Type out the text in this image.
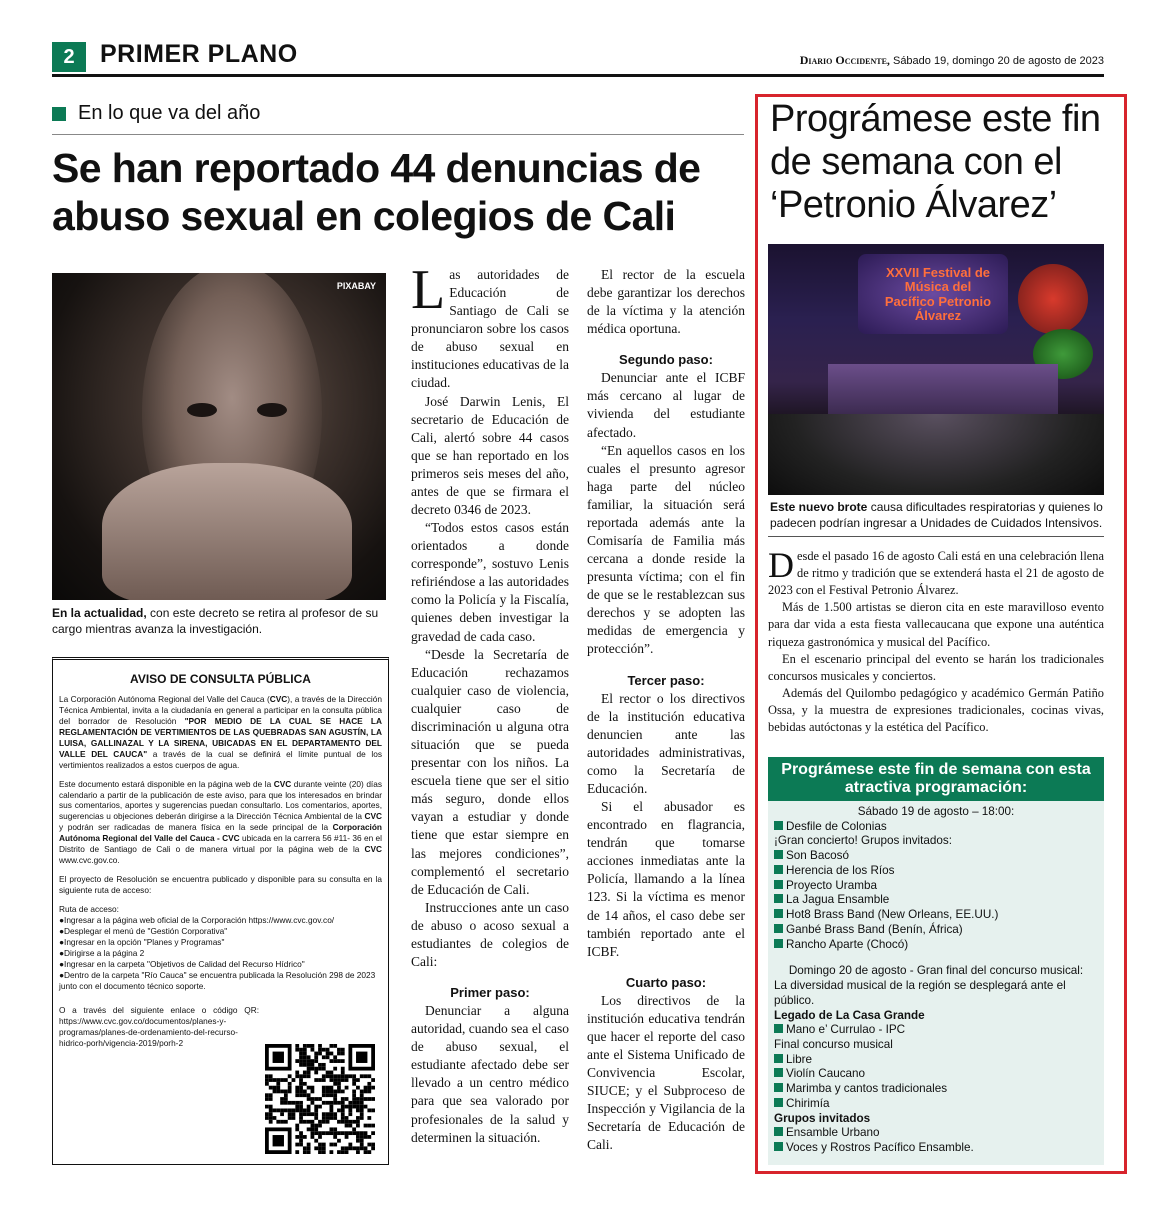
2	PRIMER PLANO	Diario Occidente, Sábado 19, domingo 20 de agosto de 2023
En lo que va del año
Se han reportado 44 denuncias de abuso sexual en colegios de Cali
PIXABAY
En la actualidad, con este decreto se retira al profesor de su cargo mientras avanza la investigación.
AVISO DE CONSULTA PÚBLICA

La Corporación Autónoma Regional del Valle del Cauca (CVC), a través de la Dirección Técnica Ambiental, invita a la ciudadanía en general a participar en la consulta pública del borrador de Resolución "POR MEDIO DE LA CUAL SE HACE LA REGLAMENTACIÓN DE VERTIMIENTOS DE LAS QUEBRADAS SAN AGUSTÍN, LA LUISA, GALLINAZAL Y LA SIRENA, UBICADAS EN EL DEPARTAMENTO DEL VALLE DEL CAUCA" a través de la cual se definirá el límite puntual de los vertimientos realizados a estos cuerpos de agua.

Este documento estará disponible en la página web de la CVC durante veinte (20) días calendario a partir de la publicación de este aviso, para que los interesados en brindar sus comentarios, aportes y sugerencias puedan consultarlo. Los comentarios, aportes, sugerencias u objeciones deberán dirigirse a la Dirección Técnica Ambiental de la CVC y podrán ser radicadas de manera física en la sede principal de la Corporación Autónoma Regional del Valle del Cauca - CVC ubicada en la carrera 56 #11- 36 en el Distrito de Santiago de Cali o de manera virtual por la página web de la CVC www.cvc.gov.co.

El proyecto de Resolución se encuentra publicado y disponible para su consulta en la siguiente ruta de acceso:

Ruta de acceso:
● Ingresar a la página web oficial de la Corporación https://www.cvc.gov.co/
● Desplegar el menú de "Gestión Corporativa"
● Ingresar en la opción "Planes y Programas"
● Dirigirse a la página 2
● Ingresar en la carpeta "Objetivos de Calidad del Recurso Hídrico"
● Dentro de la carpeta "Río Cauca" se encuentra publicada la Resolución 298 de 2023 junto con el documento técnico soporte.

O a través del siguiente enlace o código QR: https://www.cvc.gov.co/documentos/planes-y-programas/planes-de-ordenamiento-del-recurso-hidrico-porh/vigencia-2019/porh-2

Las autoridades de Educación de Santiago de Cali se pronunciaron sobre los casos de abuso sexual en instituciones educativas de la ciudad.

José Darwin Lenis, El secretario de Educación de Cali, alertó sobre 44 casos que se han reportado en los primeros seis meses del año, antes de que se firmara el decreto 0346 de 2023.

“Todos estos casos están orientados a donde corresponde”, sostuvo Lenis refiriéndose a las autoridades como la Policía y la Fiscalía, quienes deben investigar la gravedad de cada caso.

“Desde la Secretaría de Educación rechazamos cualquier caso de violencia, cualquier caso de discriminación u alguna otra situación que se pueda presentar con los niños. La escuela tiene que ser el sitio más seguro, donde ellos vayan a estudiar y donde tiene que estar siempre en las mejores condiciones”, complementó el secretario de Educación de Cali.

Instrucciones ante un caso de abuso o acoso sexual a estudiantes de colegios de Cali:

Primer paso:

Denunciar a alguna autoridad, cuando sea el caso de abuso sexual, el estudiante afectado debe ser llevado a un centro médico para que sea valorado por profesionales de la salud y determinen la situación.

El rector de la escuela debe garantizar los derechos de la víctima y la atención médica oportuna.

Segundo paso:

Denunciar ante el ICBF más cercano al lugar de vivienda del estudiante afectado.

“En aquellos casos en los cuales el presunto agresor haga parte del núcleo familiar, la situación será reportada además ante la Comisaría de Familia más cercana a donde reside la presunta víctima; con el fin de que se le restablezcan sus derechos y se adopten las medidas de emergencia y protección”.

Tercer paso:

El rector o los directivos de la institución educativa denuncien ante las autoridades administrativas, como la Secretaría de Educación.

Si el abusador es encontrado en flagrancia, tendrán que tomarse acciones inmediatas ante la Policía, llamando a la línea 123. Si la víctima es menor de 14 años, el caso debe ser también reportado ante el ICBF.

Cuarto paso:

Los directivos de la institución educativa tendrán que hacer el reporte del caso ante el Sistema Unificado de Convivencia Escolar, SIUCE; y el Subproceso de Inspección y Vigilancia de la Secretaría de Educación de Cali.

Prográmese este fin de semana con el ‘Petronio Álvarez’
XXVII Festival de Música del Pacífico Petronio Álvarez
Este nuevo brote causa dificultades respiratorias y quienes lo padecen podrían ingresar a Unidades de Cuidados Intensivos.

Desde el pasado 16 de agosto Cali está en una celebración llena de ritmo y tradición que se extenderá hasta el 21 de agosto de 2023 con el Festival Petronio Álvarez.

Más de 1.500 artistas se dieron cita en este maravilloso evento para dar vida a esta fiesta vallecaucana que expone una auténtica riqueza gastronómica y musical del Pacífico.

En el escenario principal del evento se harán los tradicionales concursos musicales y conciertos.

Además del Quilombo pedagógico y académico Germán Patiño Ossa, y la muestra de expresiones tradicionales, cocinas vivas, bebidas autóctonas y la estética del Pacífico.

Prográmese este fin de semana con esta atractiva programación:
Sábado 19 de agosto – 18:00:
Desfile de Colonias
¡Gran concierto! Grupos invitados:
Son Bacosó
Herencia de los Ríos
Proyecto Uramba
La Jagua Ensamble
Hot8 Brass Band (New Orleans, EE.UU.)
Ganbé Brass Band (Benín, África)
Rancho Aparte (Chocó)
Domingo 20 de agosto - Gran final del concurso musical:
La diversidad musical de la región se desplegará ante el público.
Legado de La Casa Grande
Mano e’ Currulao - IPC
Final concurso musical
Libre
Violín Caucano
Marimba y cantos tradicionales
Chirimía
Grupos invitados
Ensamble Urbano
Voces y Rostros Pacífico Ensamble.
